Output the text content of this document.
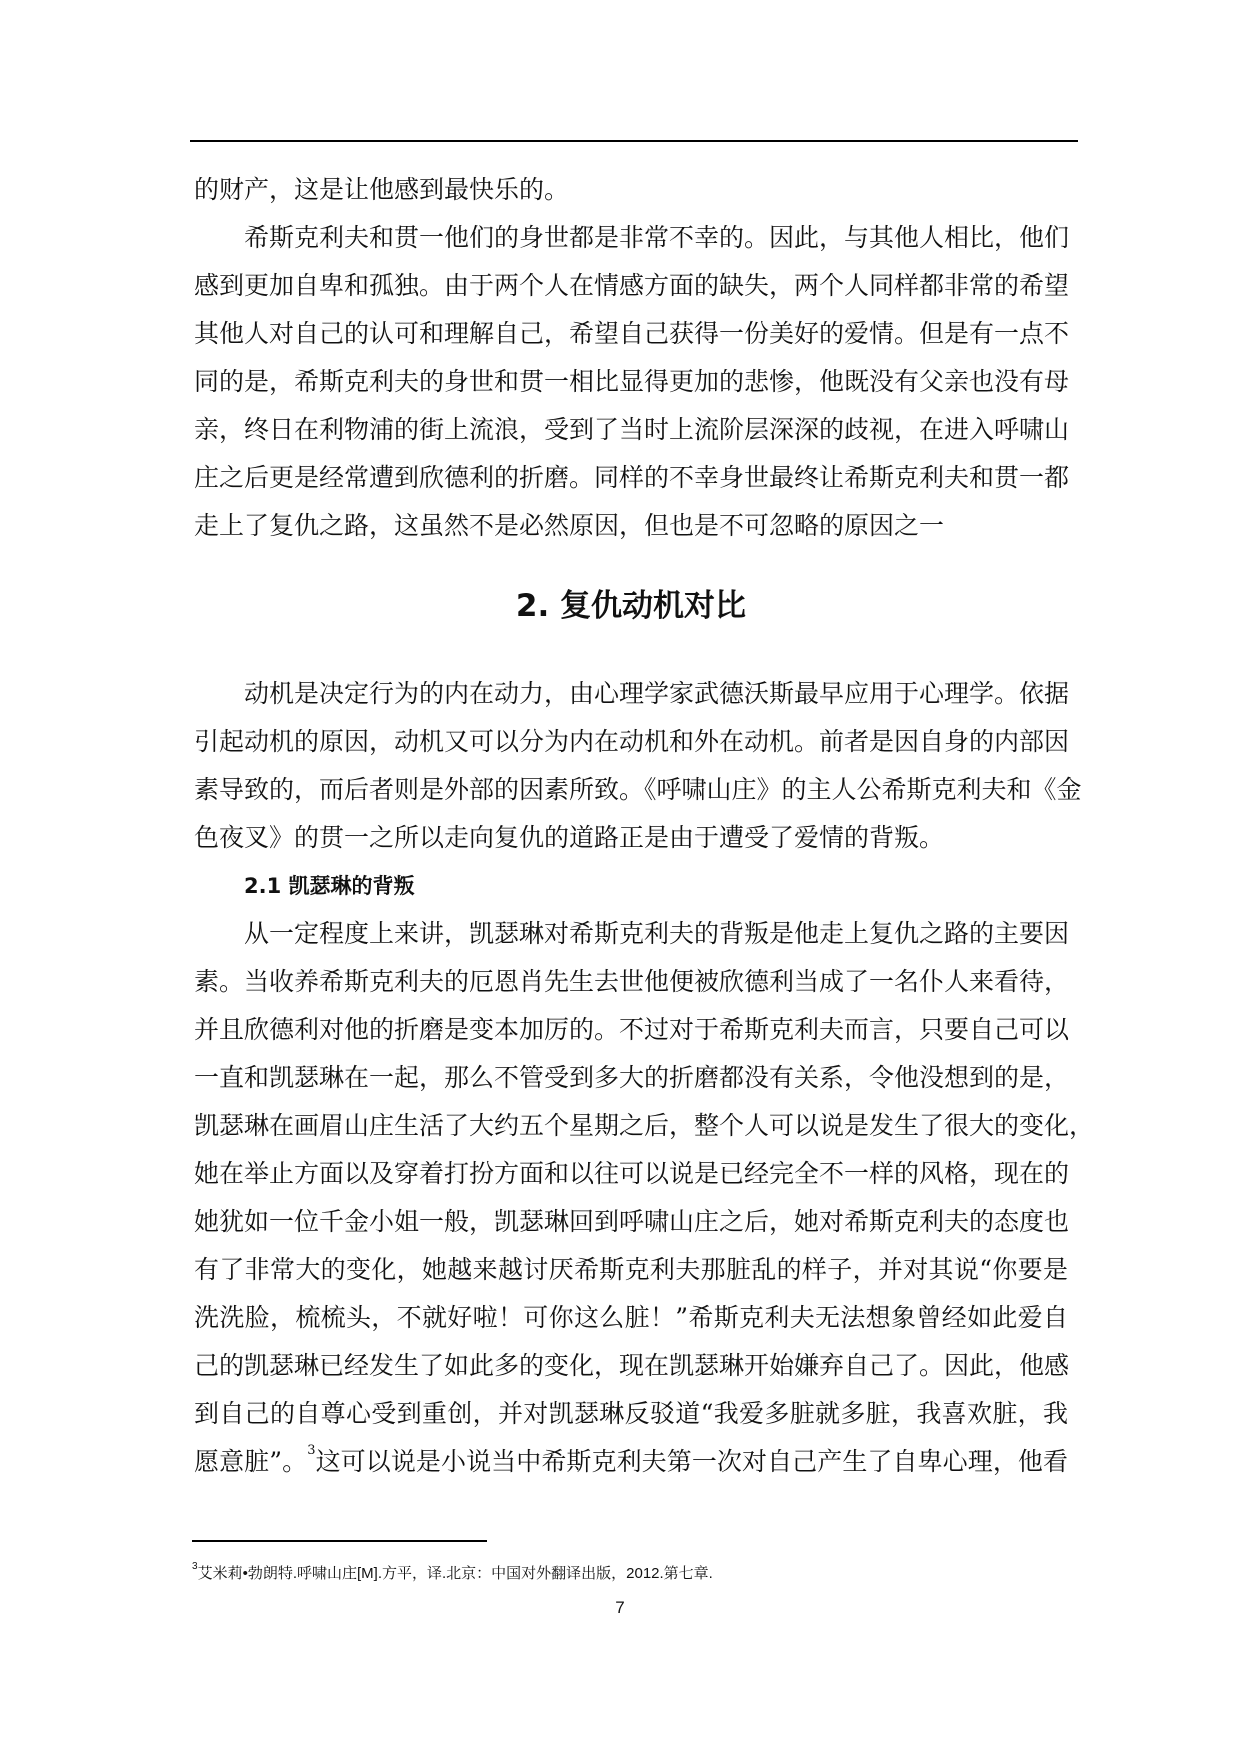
的财产，这是让他感到最快乐的。
希斯克利夫和贯一他们的身世都是非常不幸的。因此，与其他人相比，他们
感到更加自卑和孤独。由于两个人在情感方面的缺失，两个人同样都非常的希望
其他人对自己的认可和理解自己，希望自己获得一份美好的爱情。但是有一点不
同的是，希斯克利夫的身世和贯一相比显得更加的悲惨，他既没有父亲也没有母
亲，终日在利物浦的街上流浪，受到了当时上流阶层深深的歧视，在进入呼啸山
庄之后更是经常遭到欣德利的折磨。同样的不幸身世最终让希斯克利夫和贯一都
走上了复仇之路，这虽然不是必然原因，但也是不可忽略的原因之一
2. 复仇动机对比
动机是决定行为的内在动力，由心理学家武德沃斯最早应用于心理学。依据
引起动机的原因，动机又可以分为内在动机和外在动机。前者是因自身的内部因
素导致的，而后者则是外部的因素所致。《呼啸山庄》的主人公希斯克利夫和《金
色夜叉》的贯一之所以走向复仇的道路正是由于遭受了爱情的背叛。
2.1 凯瑟琳的背叛
从一定程度上来讲，凯瑟琳对希斯克利夫的背叛是他走上复仇之路的主要因
素。当收养希斯克利夫的厄恩肖先生去世他便被欣德利当成了一名仆人来看待，
并且欣德利对他的折磨是变本加厉的。不过对于希斯克利夫而言，只要自己可以
一直和凯瑟琳在一起，那么不管受到多大的折磨都没有关系，令他没想到的是，
凯瑟琳在画眉山庄生活了大约五个星期之后，整个人可以说是发生了很大的变化，
她在举止方面以及穿着打扮方面和以往可以说是已经完全不一样的风格，现在的
她犹如一位千金小姐一般，凯瑟琳回到呼啸山庄之后，她对希斯克利夫的态度也
有了非常大的变化，她越来越讨厌希斯克利夫那脏乱的样子，并对其说“你要是
洗洗脸，梳梳头，不就好啦！可你这么脏！”希斯克利夫无法想象曾经如此爱自
己的凯瑟琳已经发生了如此多的变化，现在凯瑟琳开始嫌弃自己了。因此，他感
到自己的自尊心受到重创，并对凯瑟琳反驳道“我爱多脏就多脏，我喜欢脏，我
愿意脏”。$^3$这可以说是小说当中希斯克利夫第一次对自己产生了自卑心理，他看
$^3$艾米莉•勃朗特.呼啸山庄[M].方平，译.北京：中国对外翻译出版，2012.第七章.
7
